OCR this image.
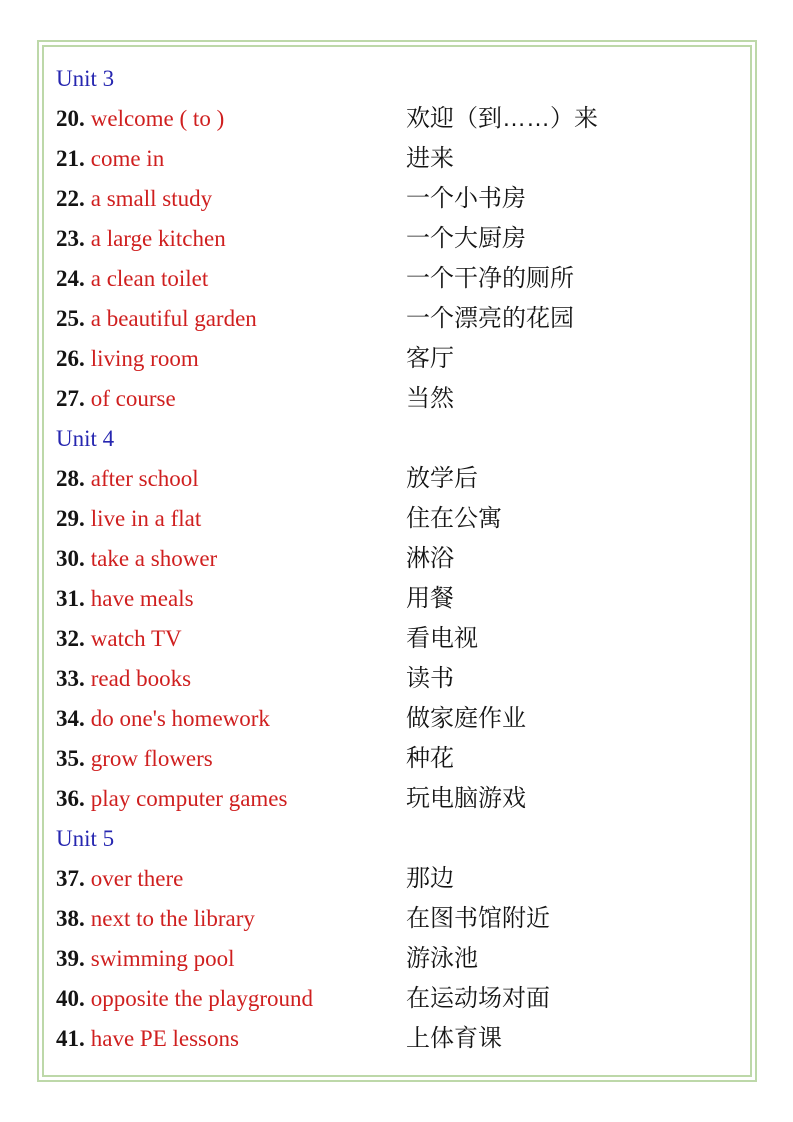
Unit 3
20. welcome ( to )	欢迎（到……）来
21. come in	进来
22. a small study	一个小书房
23. a large kitchen	一个大厨房
24. a clean toilet	一个干净的厕所
25. a beautiful garden	一个漂亮的花园
26. living room	客厅
27. of course	当然
Unit 4
28. after school	放学后
29. live in a flat	住在公寓
30. take a shower	淋浴
31. have meals	用餐
32. watch TV	看电视
33. read books	读书
34. do one's homework	做家庭作业
35. grow flowers	种花
36. play computer games	玩电脑游戏
Unit 5
37. over there	那边
38. next to the library	在图书馆附近
39. swimming pool	游泳池
40. opposite the playground	在运动场对面
41. have PE lessons	上体育课
